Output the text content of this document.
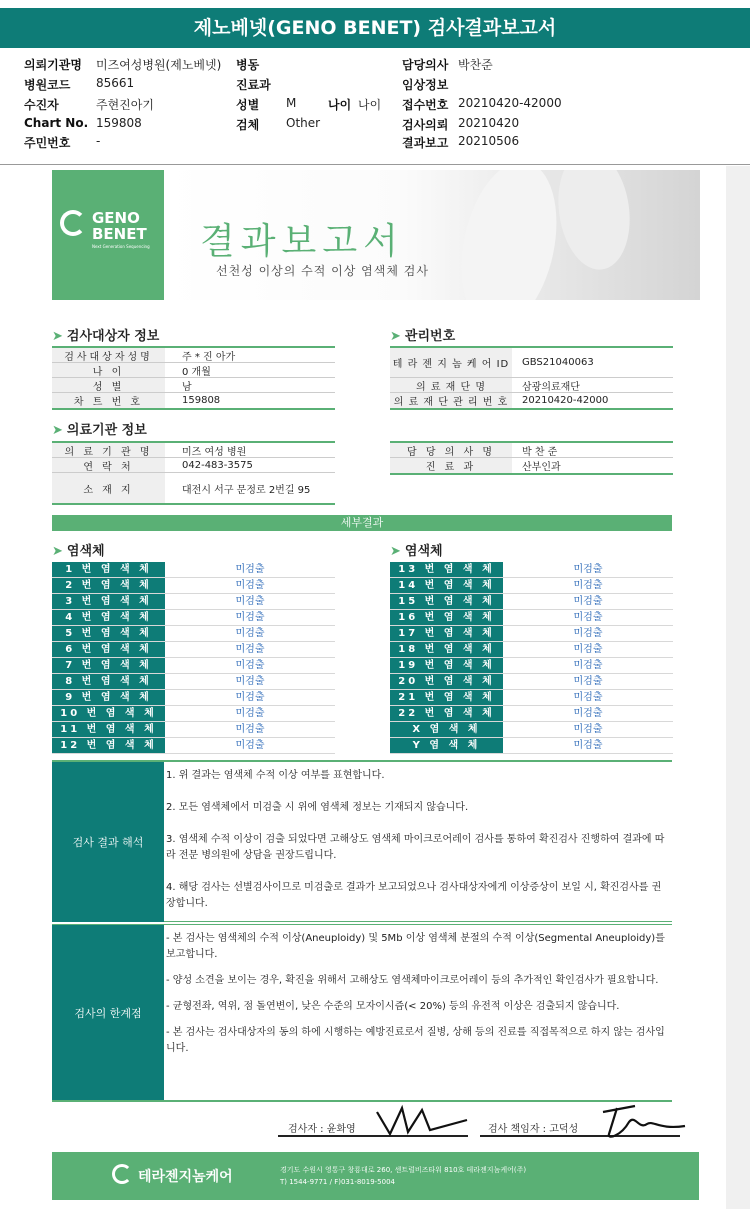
제노베넷(GENO BENET) 검사결과보고서
의뢰기관명 미즈여성병원(제노베넷)
병원코드 85661
수진자	주현진아기
Chart No. 159808
주민번호 -
병동
진료과
성별 M	나이 나이
검체 Other
담당의사 박찬준
임상정보
접수번호 20210420-42000
검사의뢰 20210420
결과보고 20210506
GENO
BENET
Next Generation Sequencing 결과보고서
선천성 이상의 수적 이상 염색체 검사
➤ 검사대상자 정보
검사대상자성명	주 * 진 아가
나 이	0 개월
성 별	남
차 트 번 호	159808
➤ 관리번호
테 라 젠 지 놈 케 어 ID GBS21040063
의 료 재 단 명	삼광의료재단
의 료 재 단 관 리 번 호	20210420-42000
➤ 의료기관 정보
의 료 기 관 명	미즈 여성 병원
연 락 처	042-483-3575
소 재 지	대전시 서구 문정로 2번길 95
담 당 의 사 명	박 찬 준
진 료 과	산부인과
세부결과
➤ 염색체	➤ 염색체
1 번 염 색 체	미검출
2 번 염 색 체	미검출
3 번 염 색 체	미검출
4 번 염 색 체	미검출
5 번 염 색 체	미검출
6 번 염 색 체	미검출
7 번 염 색 체	미검출
8 번 염 색 체	미검출
9 번 염 색 체	미검출
10 번 염 색 체	미검출
11 번 염 색 체	미검출
12 번 염 색 체	미검출
13 번 염 색 체	미검출
14 번 염 색 체	미검출
15 번 염 색 체	미검출
16 번 염 색 체	미검출
17 번 염 색 체	미검출
18 번 염 색 체	미검출
19 번 염 색 체	미검출
20 번 염 색 체	미검출
21 번 염 색 체	미검출
22 번 염 색 체	미검출
X 염 색 체	미검출
Y 염 색 체	미검출
검사 결과 해석

1. 위 결과는 염색체 수적 이상 여부를 표현합니다.

2. 모든 염색체에서 미검출 시 위에 염색체 정보는 기재되지 않습니다.

3. 염색체 수적 이상이 검출 되었다면 고해상도 염색체 마이크로어레이 검사를 통하여 확진검사 진행하여 결과에 따라 전문 병의원에 상담을 권장드립니다.

4. 해당 검사는 선별검사이므로 미검출로 결과가 보고되었으나 검사대상자에게 이상증상이 보일 시, 확진검사를 권장합니다.

검사의 한계점

- 본 검사는 염색체의 수적 이상(Aneuploidy) 및 5Mb 이상 염색체 분절의 수적 이상(Segmental Aneuploidy)를 보고합니다.

- 양성 소견을 보이는 경우, 확진을 위해서 고해상도 염색체마이크로어레이 등의 추가적인 확인검사가 필요합니다.

- 균형전좌, 역위, 점 돌연변이, 낮은 수준의 모자이시즘(< 20%) 등의 유전적 이상은 검출되지 않습니다.

- 본 검사는 검사대상자의 동의 하에 시행하는 예방진료로서 질병, 상해 등의 진료를 직접목적으로 하지 않는 검사입니다.

검사자 : 윤화영	검사 책임자 : 고덕성
테라젠지놈케어	경기도 수원시 영통구 창룡대로 260, 센트럴비즈타워 810호 테라젠지놈케어(주)
T) 1544-9771 / F)031-8019-5004
